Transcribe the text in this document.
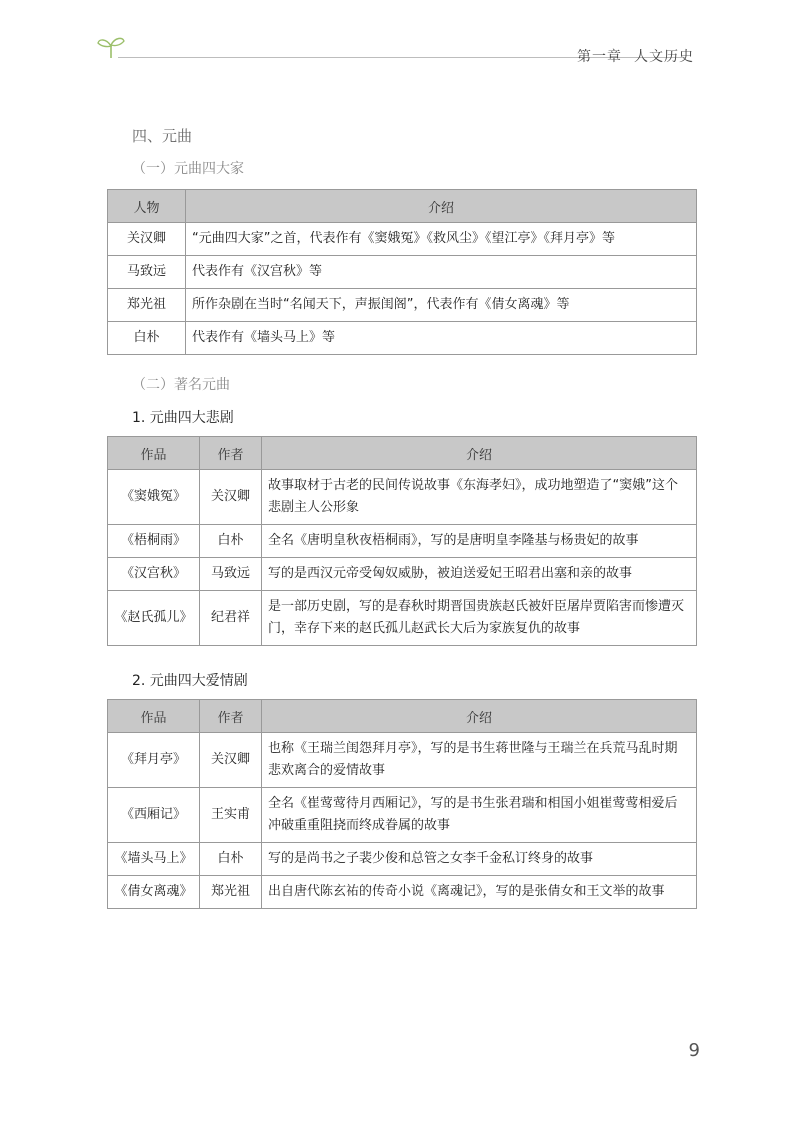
第一章 人文历史
四、元曲
（一）元曲四大家
人物	介绍
关汉卿	“元曲四大家”之首，代表作有《窦娥冤》《救风尘》《望江亭》《拜月亭》等
马致远	代表作有《汉宫秋》等
郑光祖	所作杂剧在当时“名闻天下，声振闺阁”，代表作有《倩女离魂》等
白朴	代表作有《墙头马上》等
（二）著名元曲
1. 元曲四大悲剧
作品	作者	介绍
《窦娥冤》	关汉卿	故事取材于古老的民间传说故事《东海孝妇》，成功地塑造了“窦娥”这个悲剧主人公形象
《梧桐雨》	白朴	全名《唐明皇秋夜梧桐雨》，写的是唐明皇李隆基与杨贵妃的故事
《汉宫秋》	马致远	写的是西汉元帝受匈奴威胁，被迫送爱妃王昭君出塞和亲的故事
《赵氏孤儿》	纪君祥	是一部历史剧，写的是春秋时期晋国贵族赵氏被奸臣屠岸贾陷害而惨遭灭门，幸存下来的赵氏孤儿赵武长大后为家族复仇的故事
2. 元曲四大爱情剧
作品	作者	介绍
《拜月亭》	关汉卿	也称《王瑞兰闺怨拜月亭》，写的是书生蒋世隆与王瑞兰在兵荒马乱时期悲欢离合的爱情故事
《西厢记》	王实甫	全名《崔莺莺待月西厢记》，写的是书生张君瑞和相国小姐崔莺莺相爱后冲破重重阻挠而终成眷属的故事
《墙头马上》	白朴	写的是尚书之子裴少俊和总管之女李千金私订终身的故事
《倩女离魂》	郑光祖	出自唐代陈玄祐的传奇小说《离魂记》，写的是张倩女和王文举的故事
9
